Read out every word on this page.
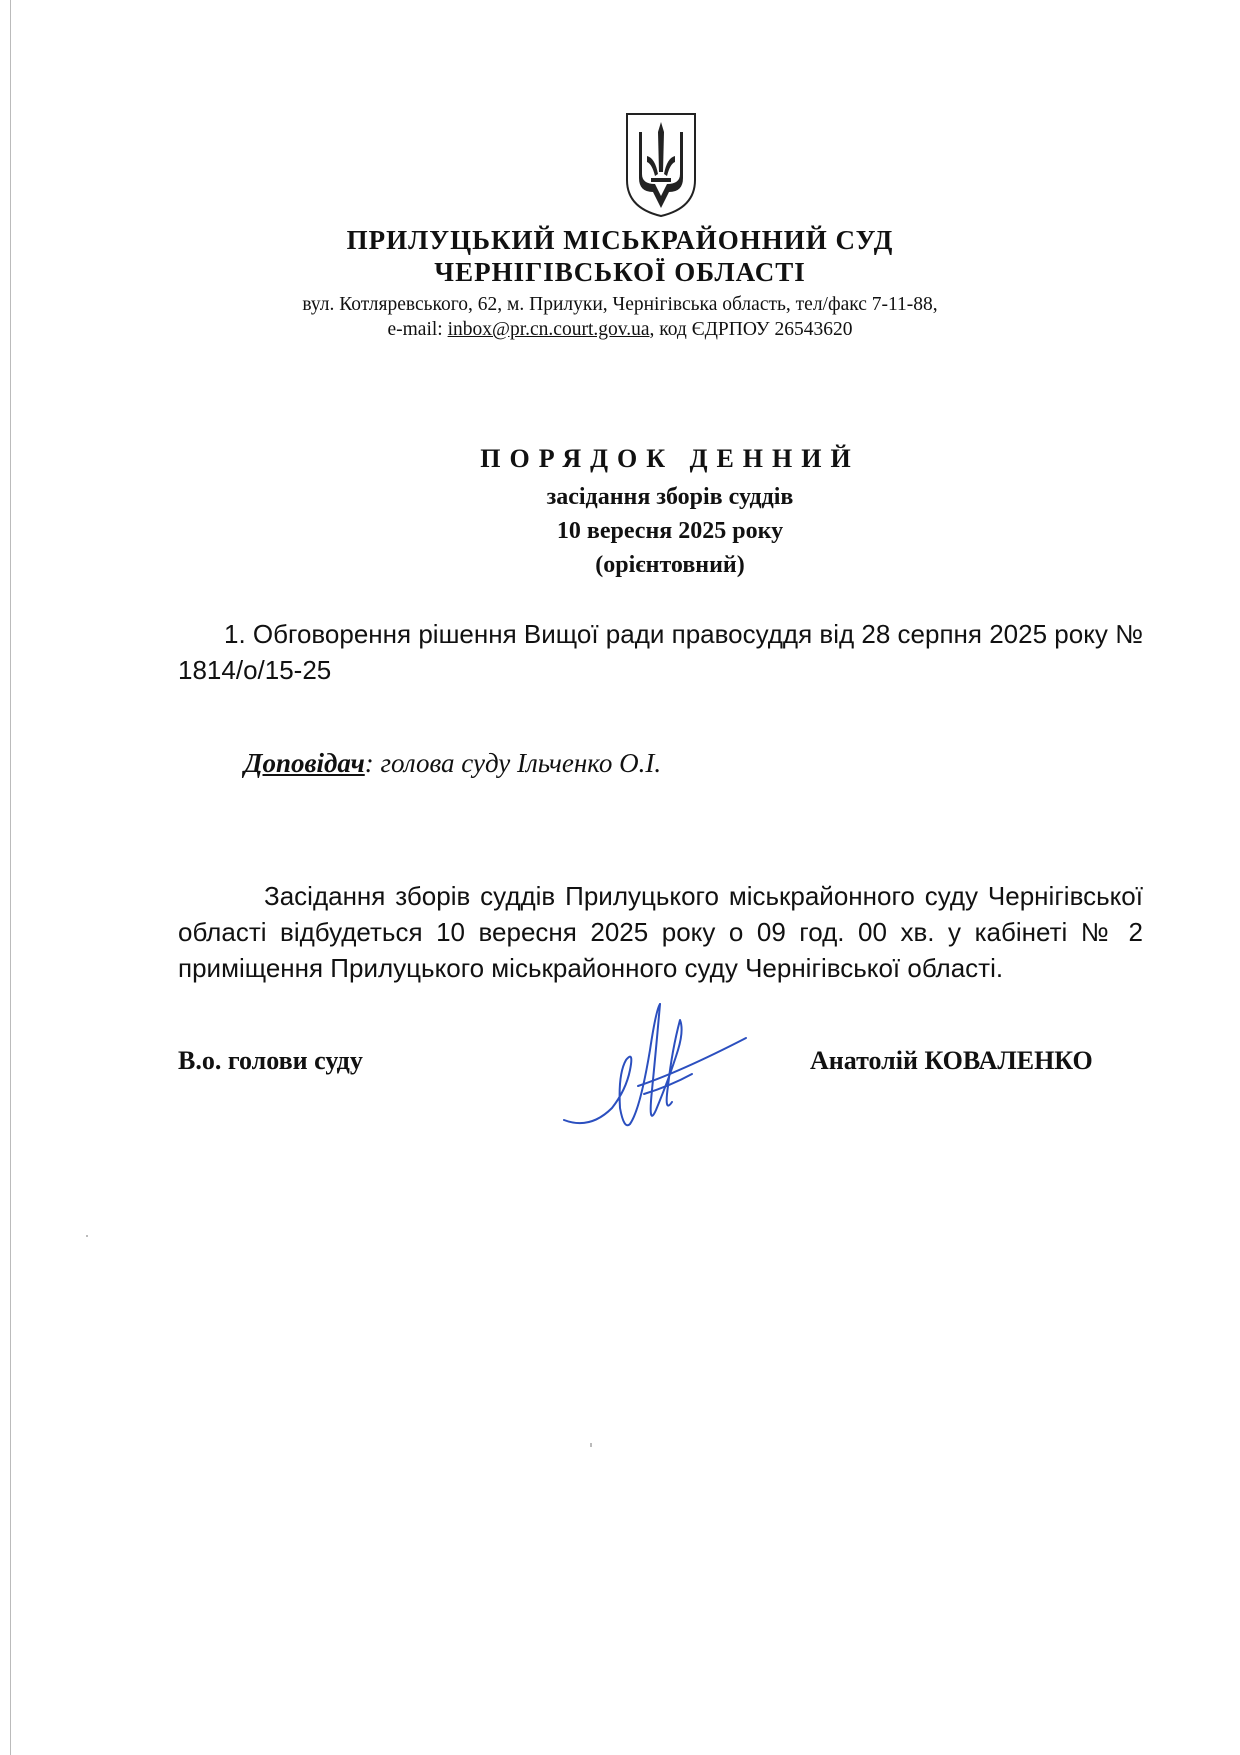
ПРИЛУЦЬКИЙ МІСЬКРАЙОННИЙ СУД
ЧЕРНІГІВСЬКОЇ ОБЛАСТІ
вул. Котляревського, 62, м. Прилуки, Чернігівська область, тел/факс 7-11-88,
e-mail: inbox@pr.cn.court.gov.ua, код ЄДРПОУ 26543620
ПОРЯДОК ДЕННИЙ
засідання зборів суддів
10 вересня 2025 року
(орієнтовний)
1. Обговорення рішення Вищої ради правосуддя від 28 серпня 2025 року № 1814/о/15-25
Доповідач: голова суду Ільченко О.І.
Засідання зборів суддів Прилуцького міськрайонного суду Чернігівської області відбудеться 10 вересня 2025 року о 09 год. 00 хв. у кабінеті № 2 приміщення Прилуцького міськрайонного суду Чернігівської області.
В.о. голови суду	Анатолій КОВАЛЕНКО
